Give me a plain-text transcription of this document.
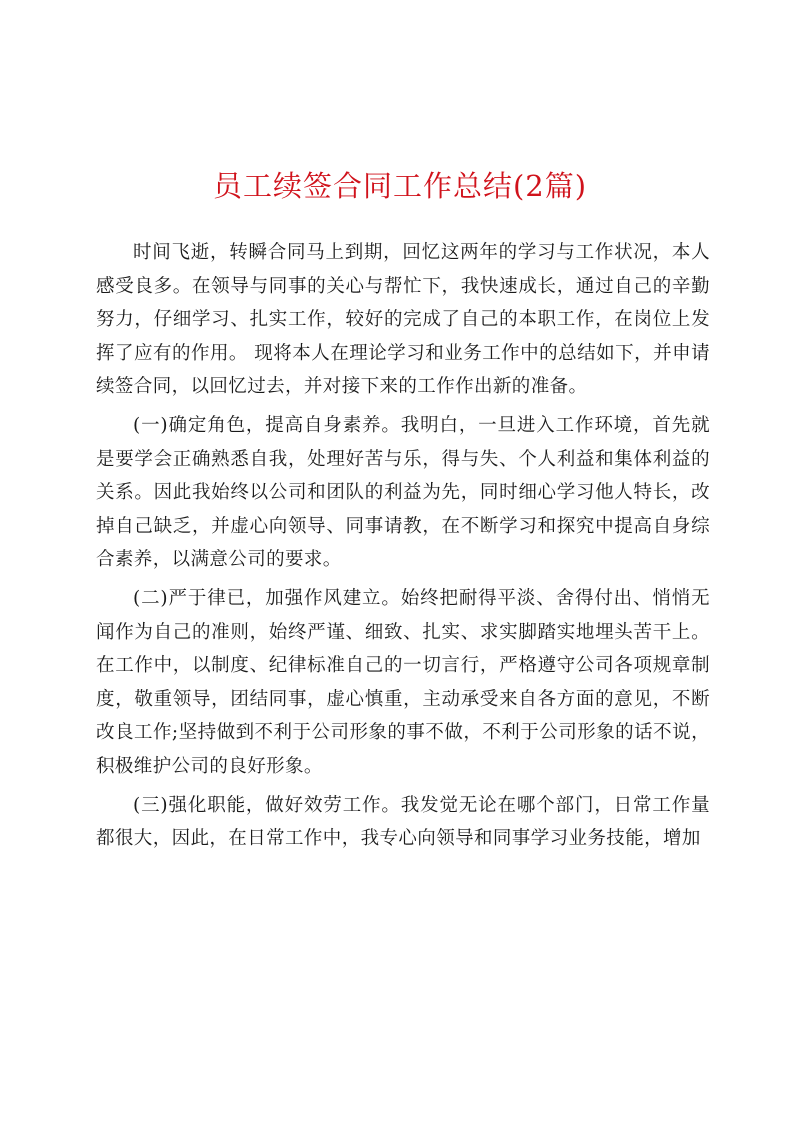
员工续签合同工作总结(2篇)

时间飞逝，转瞬合同马上到期，回忆这两年的学习与工作状况，本人感受良多。在领导与同事的关心与帮忙下，我快速成长，通过自己的辛勤努力，仔细学习、扎实工作，较好的完成了自己的本职工作，在岗位上发挥了应有的作用。 现将本人在理论学习和业务工作中的总结如下，并申请续签合同，以回忆过去，并对接下来的工作作出新的准备。

(一)确定角色，提高自身素养。我明白，一旦进入工作环境，首先就是要学会正确熟悉自我，处理好苦与乐，得与失、个人利益和集体利益的关系。因此我始终以公司和团队的利益为先，同时细心学习他人特长，改掉自己缺乏，并虚心向领导、同事请教，在不断学习和探究中提高自身综合素养，以满意公司的要求。

(二)严于律已，加强作风建立。始终把耐得平淡、舍得付出、悄悄无闻作为自己的准则，始终严谨、细致、扎实、求实脚踏实地埋头苦干上。在工作中，以制度、纪律标准自己的一切言行，严格遵守公司各项规章制度，敬重领导，团结同事，虚心慎重，主动承受来自各方面的意见，不断改良工作;坚持做到不利于公司形象的事不做，不利于公司形象的话不说，积极维护公司的良好形象。

(三)强化职能，做好效劳工作。我发觉无论在哪个部门，日常工作量都很大，因此，在日常工作中，我专心向领导和同事学习业务技能，增加
